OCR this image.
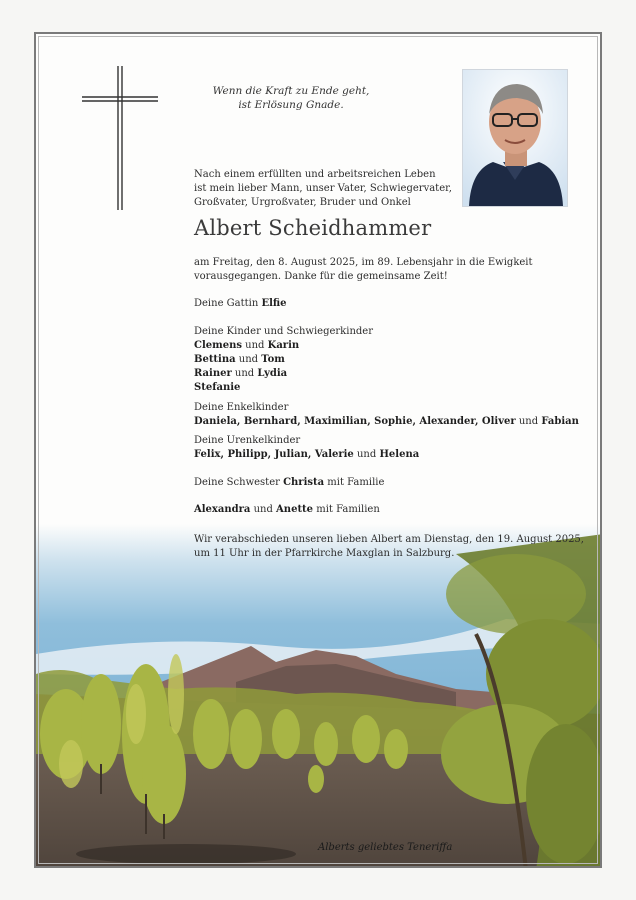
Wenn die Kraft zu Ende geht,
ist Erlösung Gnade.
Nach einem erfüllten und arbeitsreichen Leben
ist mein lieber Mann, unser Vater, Schwiegervater,
Großvater, Urgroßvater, Bruder und Onkel
Albert Scheidhammer
am Freitag, den 8. August 2025, im 89. Lebensjahr in die Ewigkeit
vorausgegangen. Danke für die gemeinsame Zeit!
Deine Gattin Elfie
Deine Kinder und Schwiegerkinder
Clemens und Karin
Bettina und Tom
Rainer und Lydia
Stefanie
Deine Enkelkinder
Daniela, Bernhard, Maximilian, Sophie, Alexander, Oliver und Fabian
Deine Urenkelkinder
Felix, Philipp, Julian, Valerie und Helena
Deine Schwester Christa mit Familie
Alexandra und Anette mit Familien
Wir verabschieden unseren lieben Albert am Dienstag, den 19. August 2025,
um 11 Uhr in der Pfarrkirche Maxglan in Salzburg.
Alberts geliebtes Teneriffa
